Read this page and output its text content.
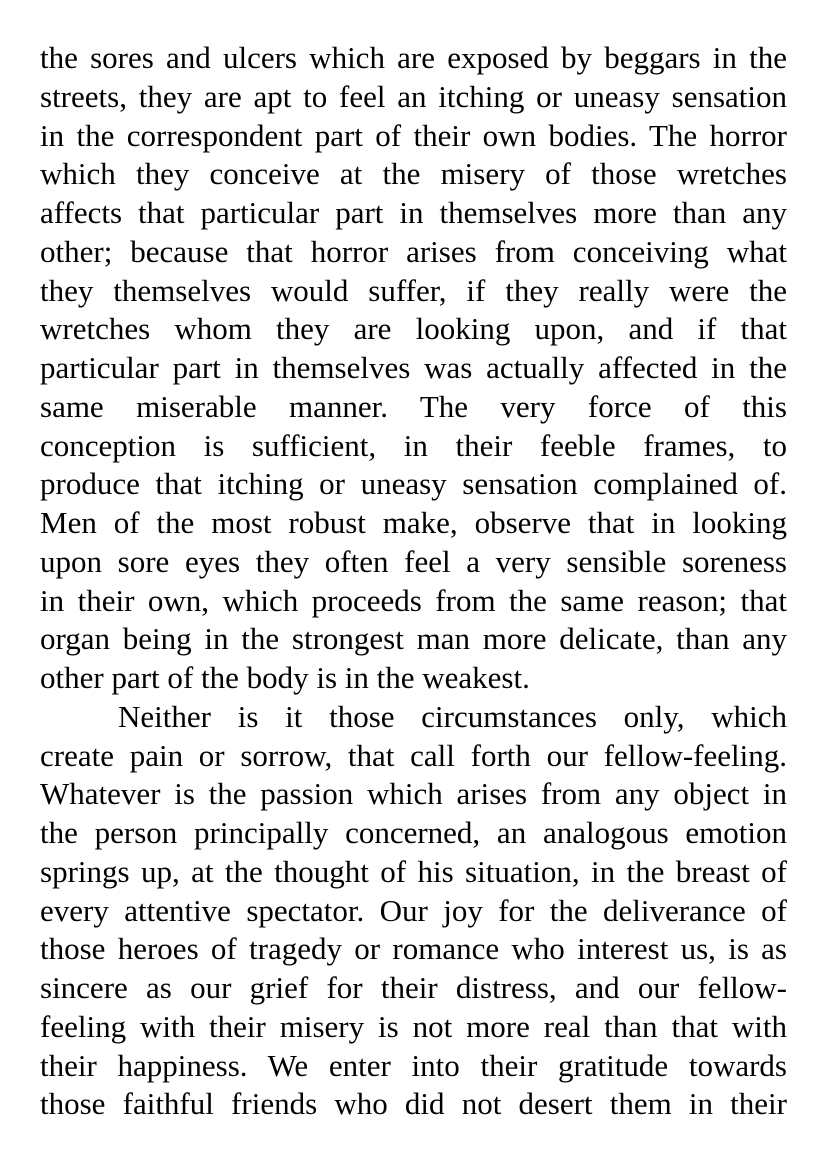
the sores and ulcers which are exposed by beggars in the
streets, they are apt to feel an itching or uneasy sensation
in the correspondent part of their own bodies. The horror
which they conceive at the misery of those wretches
affects that particular part in themselves more than any
other; because that horror arises from conceiving what
they themselves would suffer, if they really were the
wretches whom they are looking upon, and if that
particular part in themselves was actually affected in the
same miserable manner. The very force of this
conception is sufficient, in their feeble frames, to
produce that itching or uneasy sensation complained of.
Men of the most robust make, observe that in looking
upon sore eyes they often feel a very sensible soreness
in their own, which proceeds from the same reason; that
organ being in the strongest man more delicate, than any
other part of the body is in the weakest.
Neither is it those circumstances only, which
create pain or sorrow, that call forth our fellow-feeling.
Whatever is the passion which arises from any object in
the person principally concerned, an analogous emotion
springs up, at the thought of his situation, in the breast of
every attentive spectator. Our joy for the deliverance of
those heroes of tragedy or romance who interest us, is as
sincere as our grief for their distress, and our fellow-
feeling with their misery is not more real than that with
their happiness. We enter into their gratitude towards
those faithful friends who did not desert them in their
